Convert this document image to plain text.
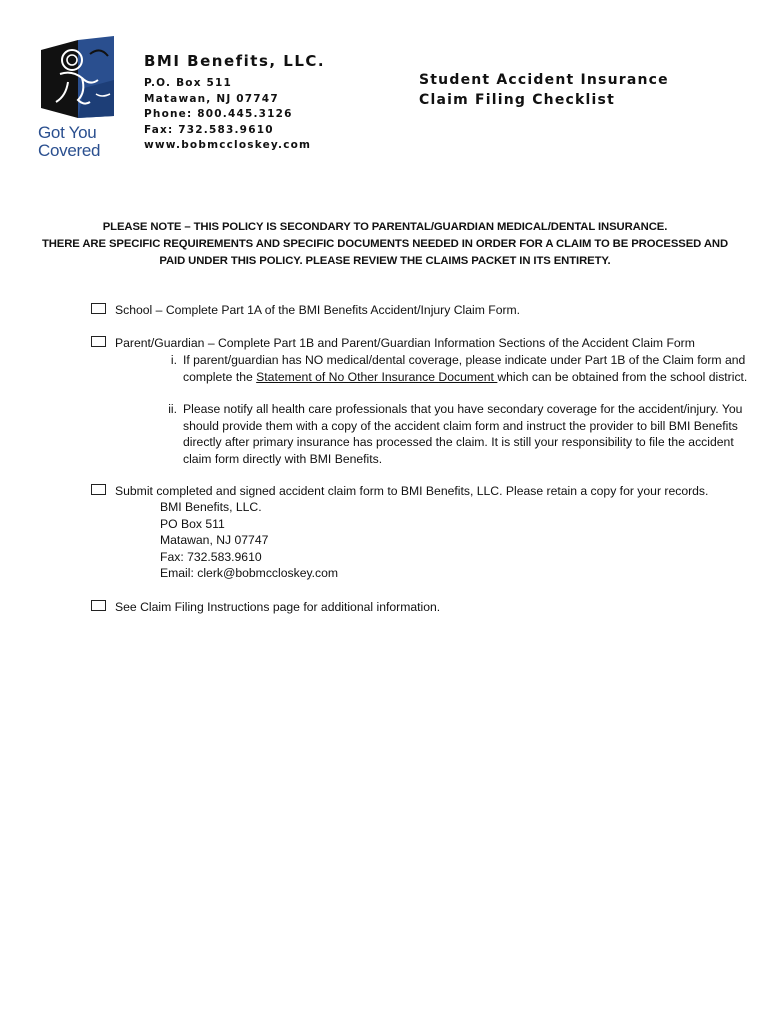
Got You
Covered
BMI Benefits, LLC.
P.O. Box 511
Matawan, NJ 07747
Phone: 800.445.3126
Fax: 732.583.9610
www.bobmccloskey.com
Student Accident Insurance
Claim Filing Checklist
PLEASE NOTE – THIS POLICY IS SECONDARY TO PARENTAL/GUARDIAN MEDICAL/DENTAL INSURANCE.
THERE ARE SPECIFIC REQUIREMENTS AND SPECIFIC DOCUMENTS NEEDED IN ORDER FOR A CLAIM TO BE PROCESSED AND
PAID UNDER THIS POLICY. PLEASE REVIEW THE CLAIMS PACKET IN ITS ENTIRETY.
School – Complete Part 1A of the BMI Benefits Accident/Injury Claim Form.
Parent/Guardian – Complete Part 1B and Parent/Guardian Information Sections of the Accident Claim Form
i. If parent/guardian has NO medical/dental coverage, please indicate under Part 1B of the Claim form and complete the Statement of No Other Insurance Document which can be obtained from the school district.
ii. Please notify all health care professionals that you have secondary coverage for the accident/injury. You should provide them with a copy of the accident claim form and instruct the provider to bill BMI Benefits directly after primary insurance has processed the claim. It is still your responsibility to file the accident claim form directly with BMI Benefits.
Submit completed and signed accident claim form to BMI Benefits, LLC. Please retain a copy for your records.
BMI Benefits, LLC.
PO Box 511
Matawan, NJ 07747
Fax: 732.583.9610
Email: clerk@bobmccloskey.com
See Claim Filing Instructions page for additional information.
